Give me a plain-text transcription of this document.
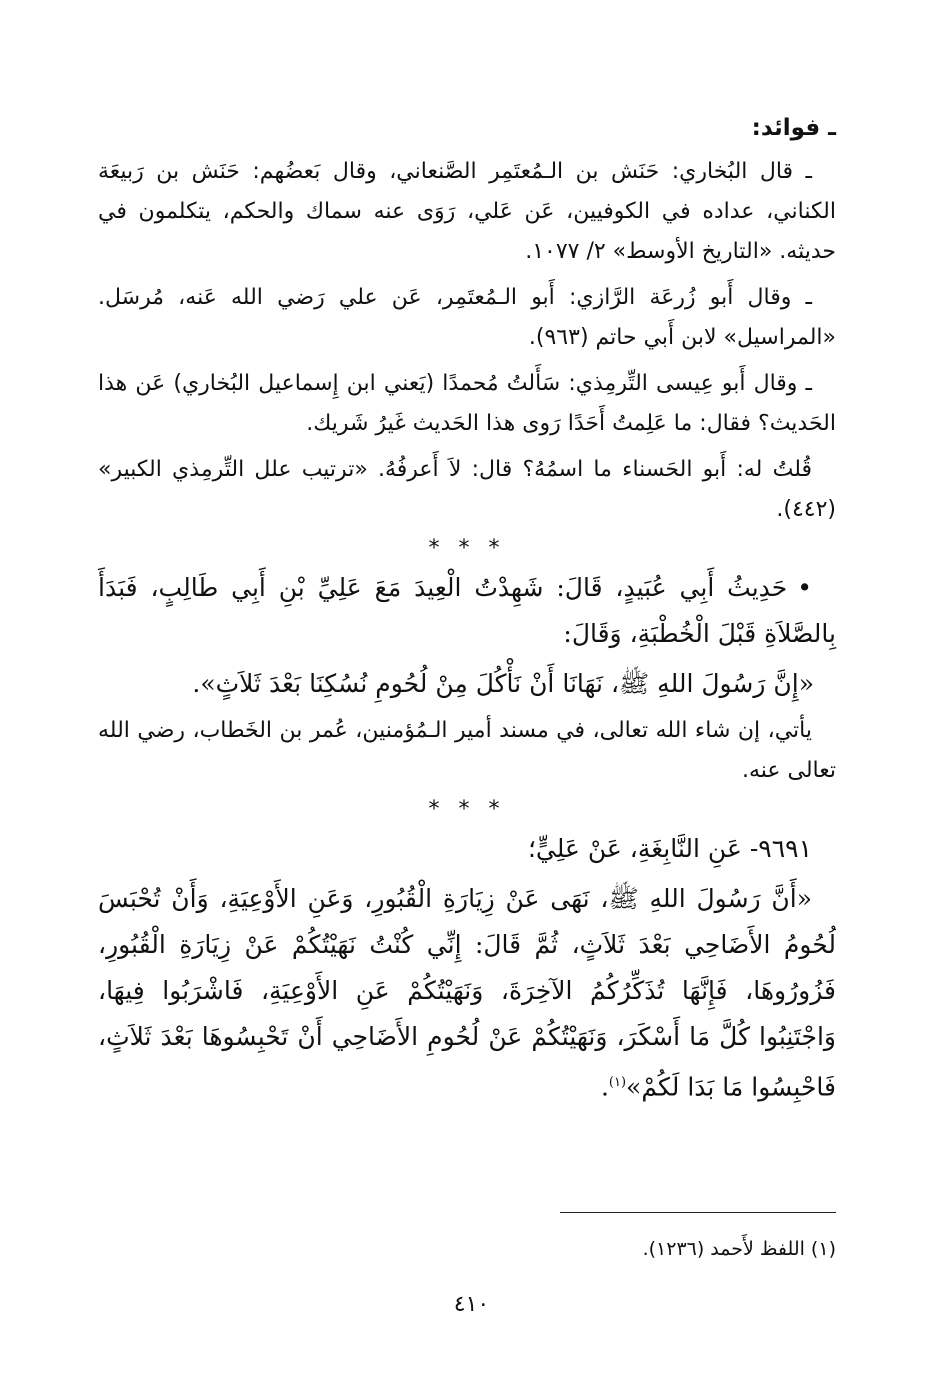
ـ فوائد:

ـ قال البُخاري: حَنَش بن الـمُعتَمِر الصَّنعاني، وقال بَعضُهم: حَنَش بن رَبيعَة الكناني، عداده في الكوفيين، عَن عَلي، رَوَى عنه سماك والحكم، يتكلمون في حديثه. «التاريخ الأوسط» ٢/ ١٠٧٧.

ـ وقال أَبو زُرعَة الرَّازي: أَبو الـمُعتَمِر، عَن علي رَضي الله عَنه، مُرسَل. «المراسيل» لابن أَبي حاتم (٩٦٣).

ـ وقال أَبو عِيسى التِّرمِذي: سَأَلتُ مُحمدًا (يَعني ابن إِسماعيل البُخاري) عَن هذا الحَديث؟ فقال: ما عَلِمتُ أَحَدًا رَوى هذا الحَديث غَيرُ شَريك.

قُلتُ له: أَبو الحَسناء ما اسمُهُ؟ قال: لاَ أَعرفُهُ. «ترتيب علل التِّرمِذي الكبير» (٤٤٢).

* * *

•حَدِيثُ أَبِي عُبَيدٍ، قَالَ: شَهِدْتُ الْعِيدَ مَعَ عَلِيِّ بْنِ أَبِي طَالِبٍ، فَبَدَأَ بِالصَّلاَةِ قَبْلَ الْخُطْبَةِ، وَقَالَ:

«إِنَّ رَسُولَ اللهِ ﷺ، نَهَانَا أَنْ نَأْكُلَ مِنْ لُحُومِ نُسُكِنَا بَعْدَ ثَلاَثٍ».

يأتي، إن شاء الله تعالى، في مسند أمير الـمُؤمنين، عُمر بن الخَطاب، رضي الله تعالى عنه.

* * *

٩٦٩١- عَنِ النَّابِغَةِ، عَنْ عَلِيٍّ؛

«أَنَّ رَسُولَ اللهِ ﷺ، نَهَى عَنْ زِيَارَةِ الْقُبُورِ، وَعَنِ الأَوْعِيَةِ، وَأَنْ تُحْبَسَ لُحُومُ الأَضَاحِي بَعْدَ ثَلاَثٍ، ثُمَّ قَالَ: إِنِّي كُنْتُ نَهَيْتُكُمْ عَنْ زِيَارَةِ الْقُبُورِ، فَزُورُوهَا، فَإِنَّهَا تُذَكِّرُكُمُ الآخِرَةَ، وَنَهَيْتُكُمْ عَنِ الأَوْعِيَةِ، فَاشْرَبُوا فِيهَا، وَاجْتَنِبُوا كُلَّ مَا أَسْكَرَ، وَنَهَيْتُكُمْ عَنْ لُحُومِ الأَضَاحِي أَنْ تَحْبِسُوهَا بَعْدَ ثَلاَثٍ، فَاحْبِسُوا مَا بَدَا لَكُمْ»$^{(١)}$.

(١) اللفظ لأَحمد (١٢٣٦).
٤١٠
